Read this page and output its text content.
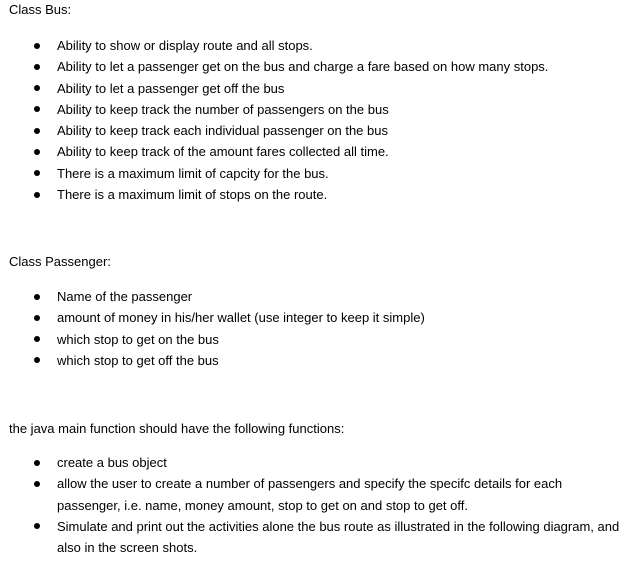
Class Bus:
Ability to show or display route and all stops.
Ability to let a passenger get on the bus and charge a fare based on how many stops.
Ability to let a passenger get off the bus
Ability to keep track the number of passengers on the bus
Ability to keep track each individual passenger on the bus
Ability to keep track of the amount fares collected all time.
There is a maximum limit of capcity for the bus.
There is a maximum limit of stops on the route.
Class Passenger:
Name of the passenger
amount of money in his/her wallet (use integer to keep it simple)
which stop to get on the bus
which stop to get off the bus
the java main function should have the following functions:
create a bus object
allow the user to create a number of passengers and specify the specifc details for each passenger, i.e. name, money amount, stop to get on and stop to get off.
Simulate and print out the activities alone the bus route as illustrated in the following diagram, and also in the screen shots.
